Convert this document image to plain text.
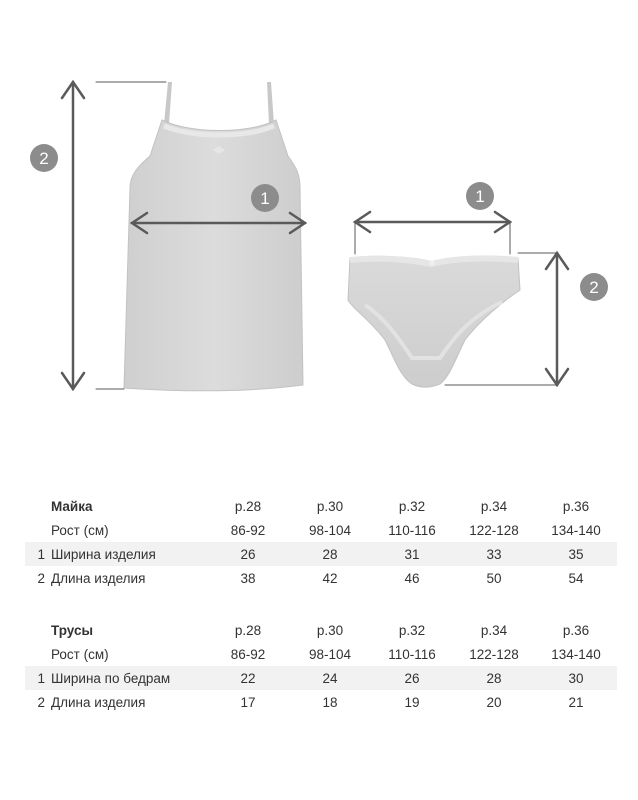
2
1	1
2
	Майка	р.28	р.30	р.32	р.34	р.36
	Рост (см)	86-92	98-104	110-116	122-128	134-140
1	Ширина изделия	26	28	31	33	35
2	Длина изделия	38	42	46	50	54
	Трусы	р.28	р.30	р.32	р.34	р.36
	Рост (см)	86-92	98-104	110-116	122-128	134-140
1	Ширина по бедрам	22	24	26	28	30
2	Длина изделия	17	18	19	20	21
